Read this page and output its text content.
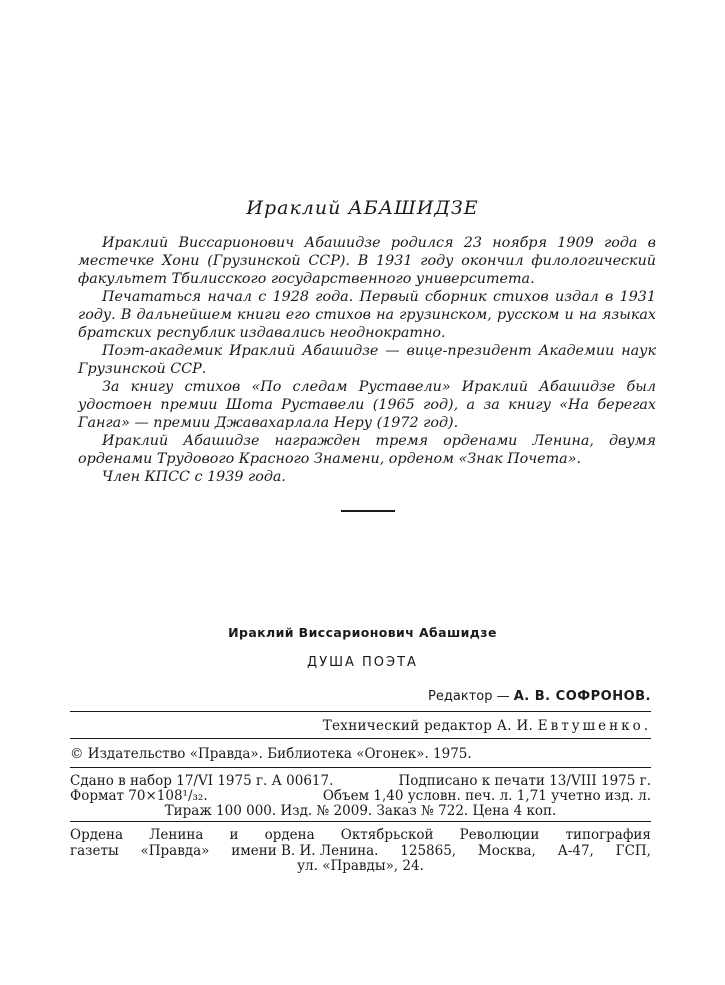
Ираклий АБАШИДЗЕ

Ираклий Виссарионович Абашидзе родился 23 ноября 1909 года в местечке Хони (Грузинской ССР). В 1931 году окончил филологический факультет Тбилисского государственного университета.

Печататься начал с 1928 года. Первый сборник стихов издал в 1931 году. В дальнейшем книги его стихов на грузинском, русском и на языках братских республик издавались неоднократно.

Поэт-академик Ираклий Абашидзе — вице-президент Академии наук Грузинской ССР.

За книгу стихов «По следам Руставели» Ираклий Абашидзе был удостоен премии Шота Руставели (1965 год), а за книгу «На берегах Ганга» — премии Джавахарлала Неру (1972 год).

Ираклий Абашидзе награжден тремя орденами Ленина, двумя орденами Трудового Красного Знамени, орденом «Знак Почета».

Член КПСС с 1939 года.

Ираклий Виссарионович Абашидзе
ДУША ПОЭТА
Редактор — А. В. СОФРОНОВ.
Технический редактор А. И. Евтушенко.
© Издательство «Правда». Библиотека «Огонек». 1975.
Сдано в набор 17/VI 1975 г. А 00617.	Подписано к печати 13/VIII 1975 г.
Формат 70×108¹/₃₂.	Объем 1,40 условн. печ. л. 1,71 учетно изд. л.
Тираж 100 000. Изд. № 2009. Заказ № 722. Цена 4 коп.
Ордена Ленина и ордена Октябрьской Революции типография
газеты «Правда» имени В. И. Ленина. 125865, Москва, А-47, ГСП,
ул. «Правды», 24.
